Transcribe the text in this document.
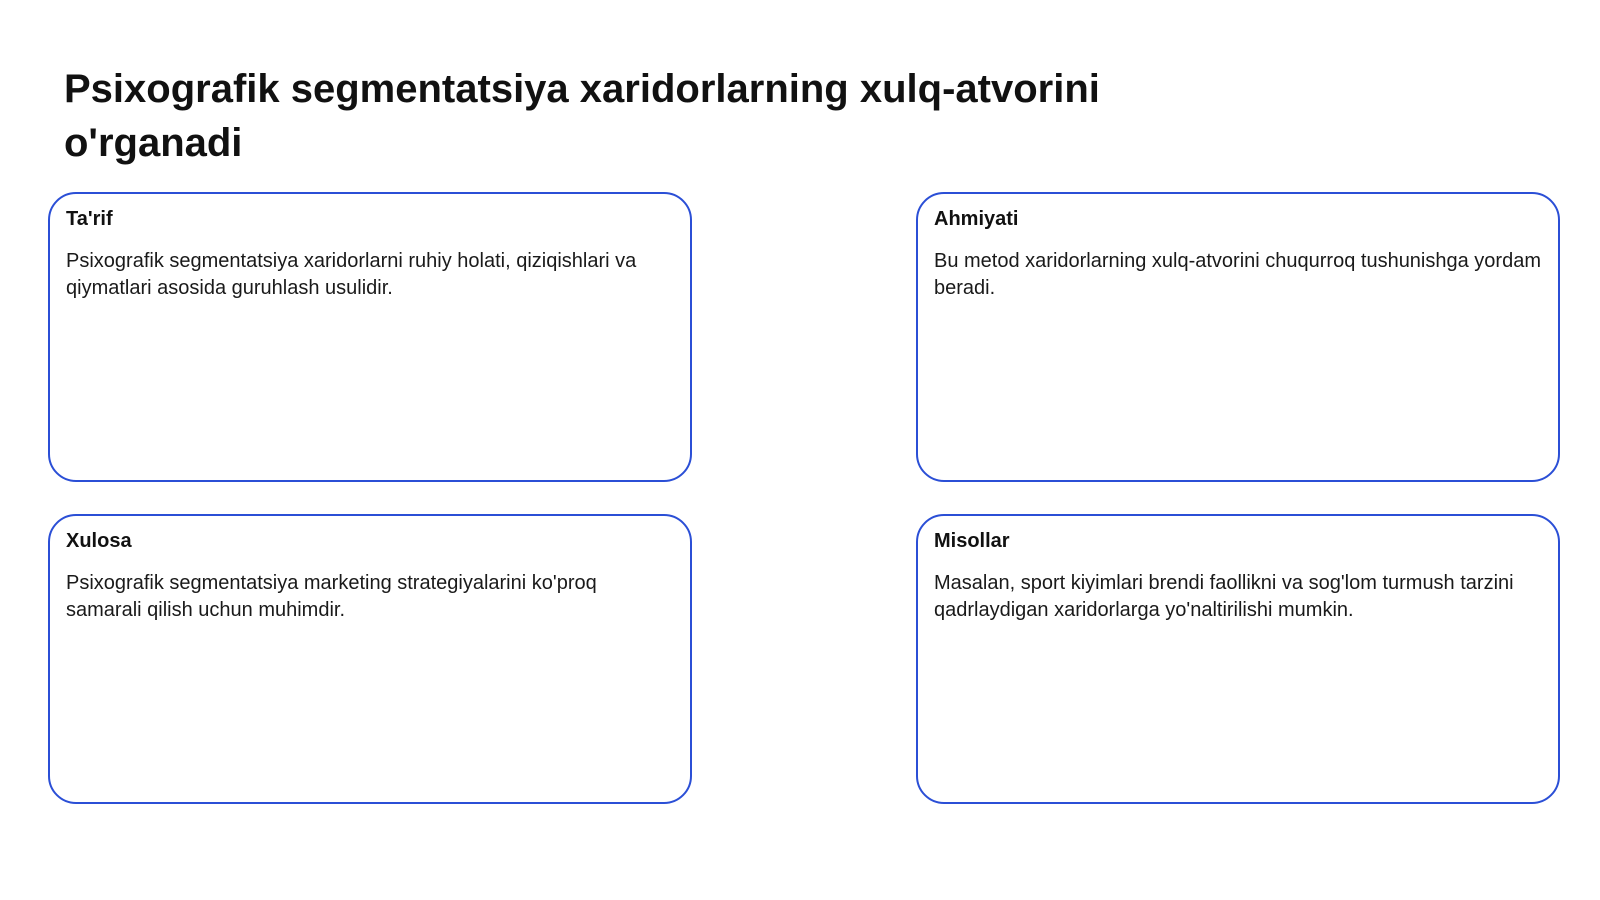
Psixografik segmentatsiya xaridorlarning xulq-atvorini o'rganadi
Ta'rif

Psixografik segmentatsiya xaridorlarni ruhiy holati, qiziqishlari va qiymatlari asosida guruhlash usulidir.

Ahmiyati

Bu metod xaridorlarning xulq-atvorini chuqurroq tushunishga yordam beradi.

Xulosa

Psixografik segmentatsiya marketing strategiyalarini ko'proq samarali qilish uchun muhimdir.

Misollar

Masalan, sport kiyimlari brendi faollikni va sog'lom turmush tarzini qadrlaydigan xaridorlarga yo'naltirilishi mumkin.
